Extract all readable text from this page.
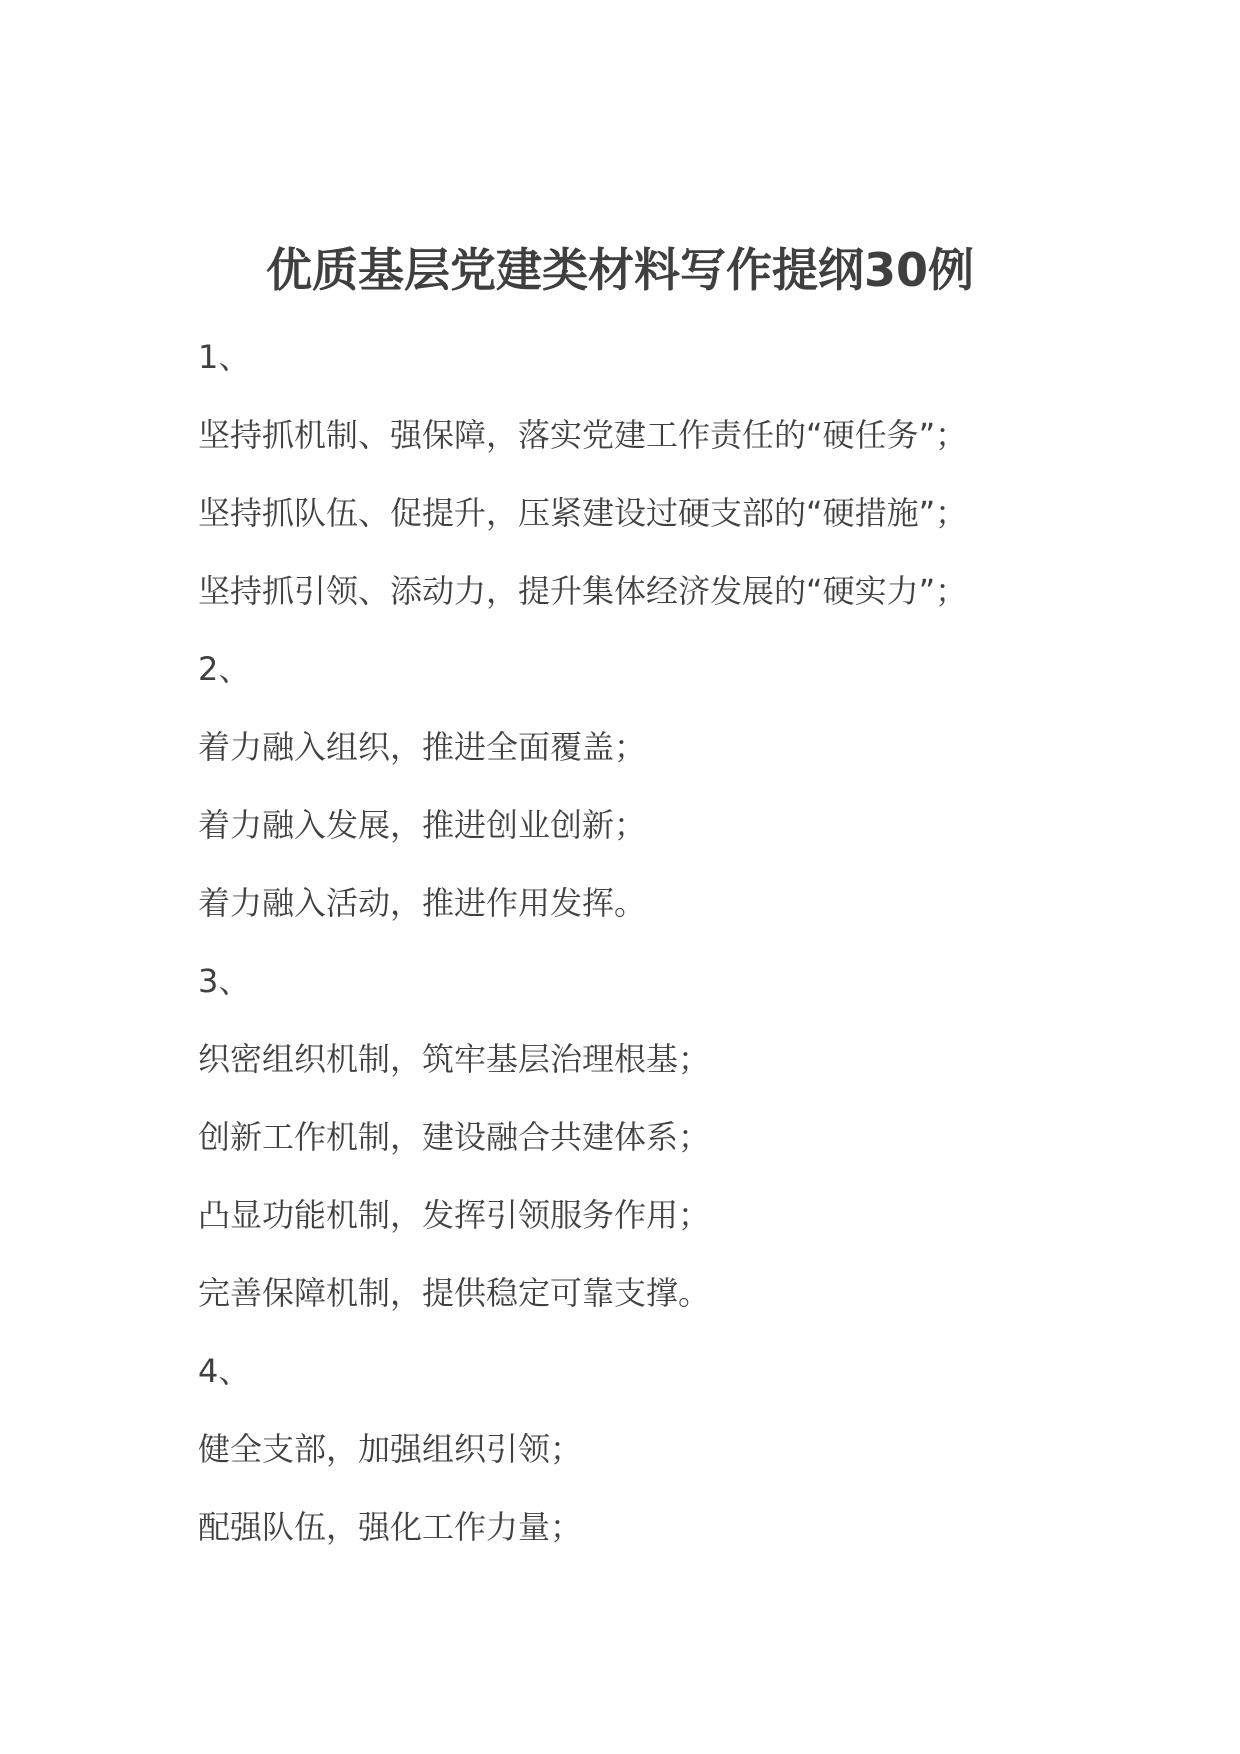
优质基层党建类材料写作提纲30例
1、
坚持抓机制、强保障，落实党建工作责任的“硬任务”；
坚持抓队伍、促提升，压紧建设过硬支部的“硬措施”；
坚持抓引领、添动力，提升集体经济发展的“硬实力”；
2、
着力融入组织，推进全面覆盖；
着力融入发展，推进创业创新；
着力融入活动，推进作用发挥。
3、
织密组织机制，筑牢基层治理根基；
创新工作机制，建设融合共建体系；
凸显功能机制，发挥引领服务作用；
完善保障机制，提供稳定可靠支撑。
4、
健全支部，加强组织引领；
配强队伍，强化工作力量；
